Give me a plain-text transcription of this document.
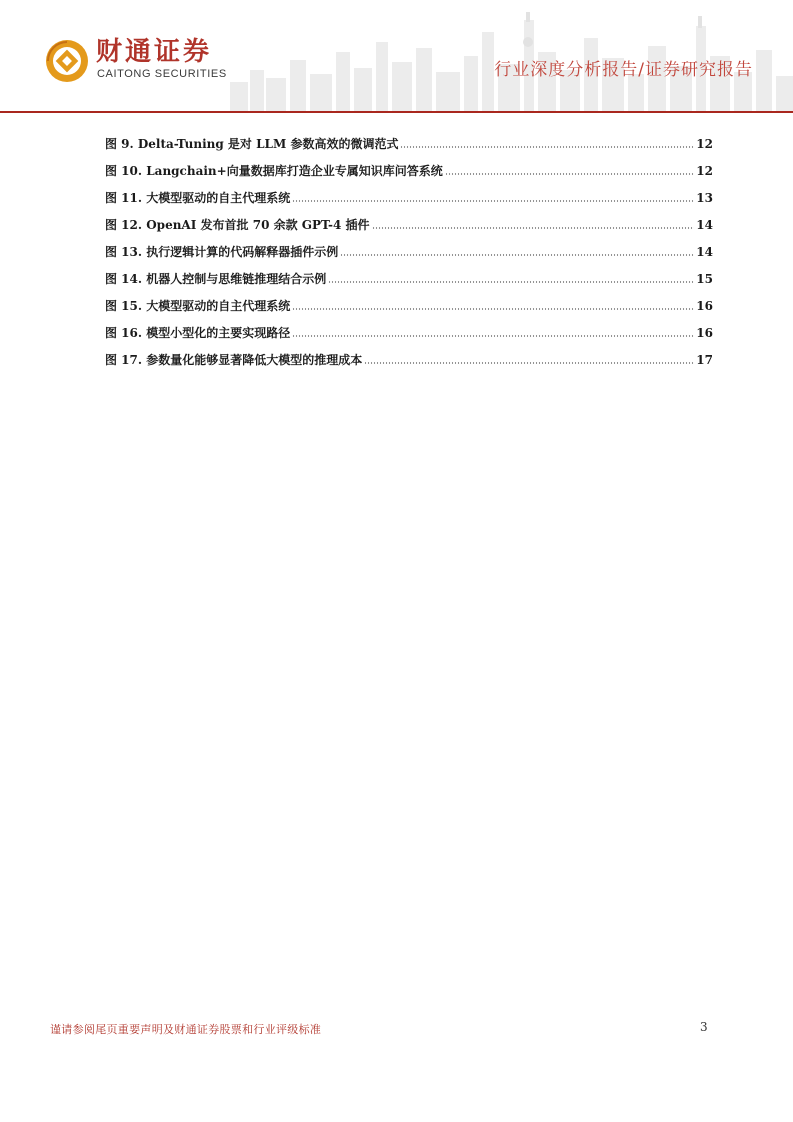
财通证券
CAITONG SECURITIES	行业深度分析报告/证券研究报告
图 9. Delta-Tuning 是对 LLM 参数高效的微调范式	12
图 10. Langchain+向量数据库打造企业专属知识库问答系统	12
图 11. 大模型驱动的自主代理系统	13
图 12. OpenAI 发布首批 70 余款 GPT-4 插件	14
图 13. 执行逻辑计算的代码解释器插件示例	14
图 14. 机器人控制与思维链推理结合示例	15
图 15. 大模型驱动的自主代理系统	16
图 16. 模型小型化的主要实现路径	16
图 17. 参数量化能够显著降低大模型的推理成本	17
谨请参阅尾页重要声明及财通证券股票和行业评级标准	3
